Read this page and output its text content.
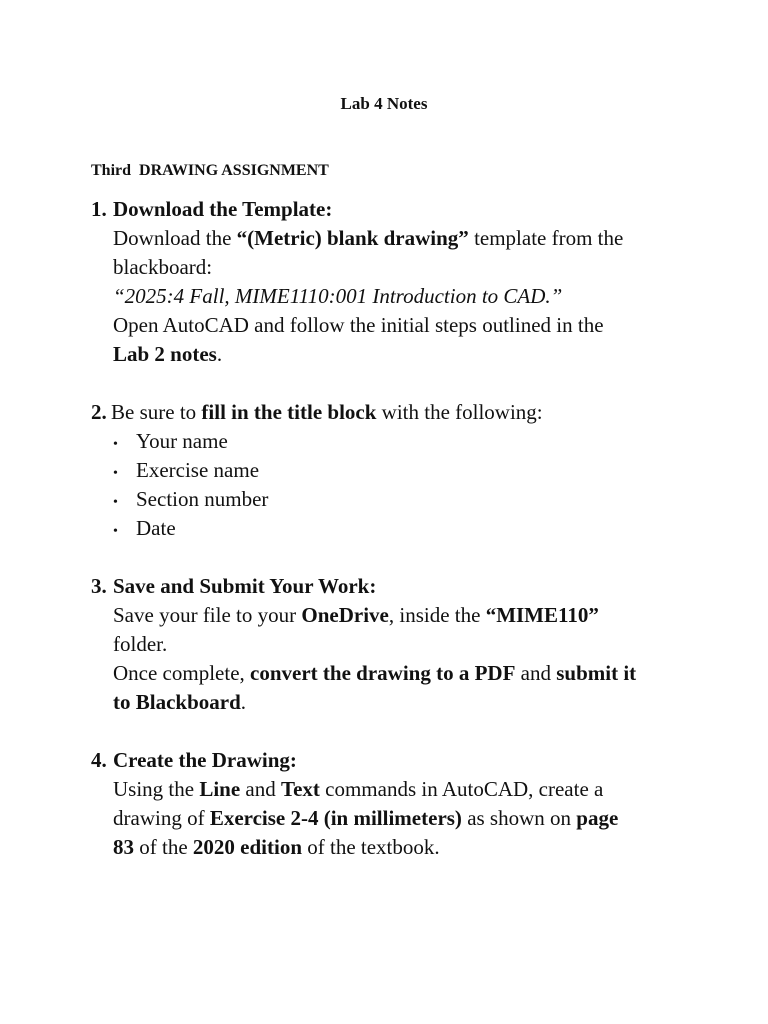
Lab 4 Notes
Third  DRAWING ASSIGNMENT
1. Download the Template:
Download the “(Metric) blank drawing” template from the
blackboard:
“2025:4 Fall, MIME1110:001 Introduction to CAD.”
Open AutoCAD and follow the initial steps outlined in the
Lab 2 notes.
2. Be sure to fill in the title block with the following:
• Your name
• Exercise name
• Section number
• Date
3. Save and Submit Your Work:
Save your file to your OneDrive, inside the “MIME110”
folder.
Once complete, convert the drawing to a PDF and submit it
to Blackboard.
4. Create the Drawing:
Using the Line and Text commands in AutoCAD, create a
drawing of Exercise 2-4 (in millimeters) as shown on page
83 of the 2020 edition of the textbook.
